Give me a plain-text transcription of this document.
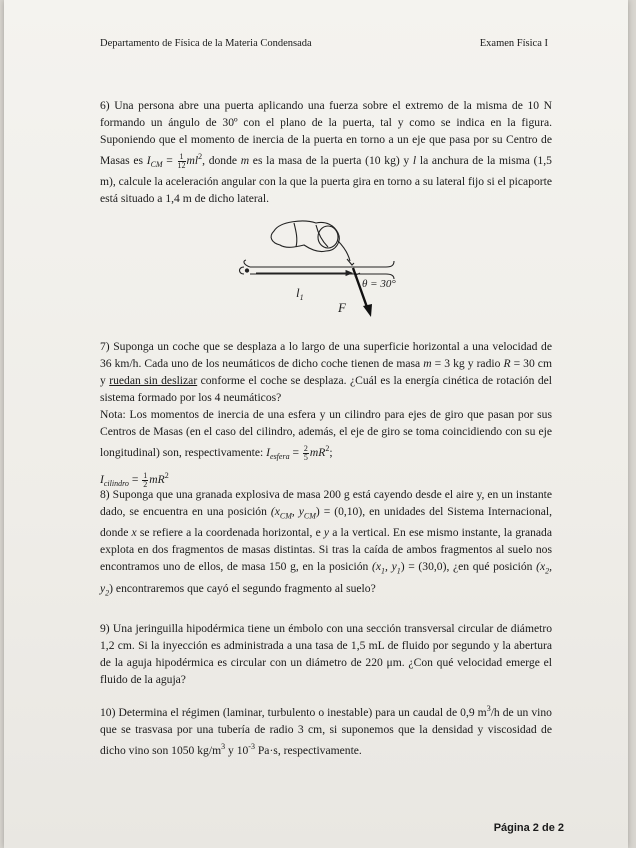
Departamento de Física de la Materia Condensada	Examen Física I

6) Una persona abre una puerta aplicando una fuerza sobre el extremo de la misma de 10 N formando un ángulo de 30º con el plano de la puerta, tal y como se indica en la figura. Suponiendo que el momento de inercia de la puerta en torno a un eje que pasa por su Centro de Masas es $I_{CM} = \frac{1}{12} ml^2$, donde m es la masa de la puerta (10 kg) y l la anchura de la misma (1,5 m), calcule la aceleración angular con la que la puerta gira en torno a su lateral fijo si el picaporte está situado a 1,4 m de dicho lateral.

$l_1$
F
θ = 30°

7) Suponga un coche que se desplaza a lo largo de una superficie horizontal a una velocidad de 36 km/h. Cada uno de los neumáticos de dicho coche tienen de masa m = 3 kg y radio R = 30 cm y ruedan sin deslizar conforme el coche se desplaza. ¿Cuál es la energía cinética de rotación del sistema formado por los 4 neumáticos?

Nota: Los momentos de inercia de una esfera y un cilindro para ejes de giro que pasan por sus Centros de Masas (en el caso del cilindro, además, el eje de giro se toma coincidiendo con su eje longitudinal) son, respectivamente: $I_{esfera} = \frac{2}{5} mR^2$;

$I_{cilindro} = \frac{1}{2} mR^2$

8) Suponga que una granada explosiva de masa 200 g está cayendo desde el aire y, en un instante dado, se encuentra en una posición ($x_{CM}$, $y_{CM}) = (0,10)$, en unidades del Sistema Internacional, donde x se refiere a la coordenada horizontal, e y a la vertical. En ese mismo instante, la granada explota en dos fragmentos de masas distintas. Si tras la caída de ambos fragmentos al suelo nos encontramos uno de ellos, de masa 150 g, en la posición ($x_1$, $y_1) = (30,0)$, ¿en qué posición ($x_2$, $y_2$) encontraremos que cayó el segundo fragmento al suelo?

9) Una jeringuilla hipodérmica tiene un émbolo con una sección transversal circular de diámetro 1,2 cm. Si la inyección es administrada a una tasa de 1,5 mL de fluido por segundo y la abertura de la aguja hipodérmica es circular con un diámetro de 220 μm. ¿Con qué velocidad emerge el fluido de la aguja?

10) Determina el régimen (laminar, turbulento o inestable) para un caudal de 0,9 $m^3/h$ de un vino que se trasvasa por una tubería de radio 3 cm, si suponemos que la densidad y viscosidad de dicho vino son 1050 $kg/m^3$ y $10^{-3}$ Pa·s, respectivamente.

Página 2 de 2
